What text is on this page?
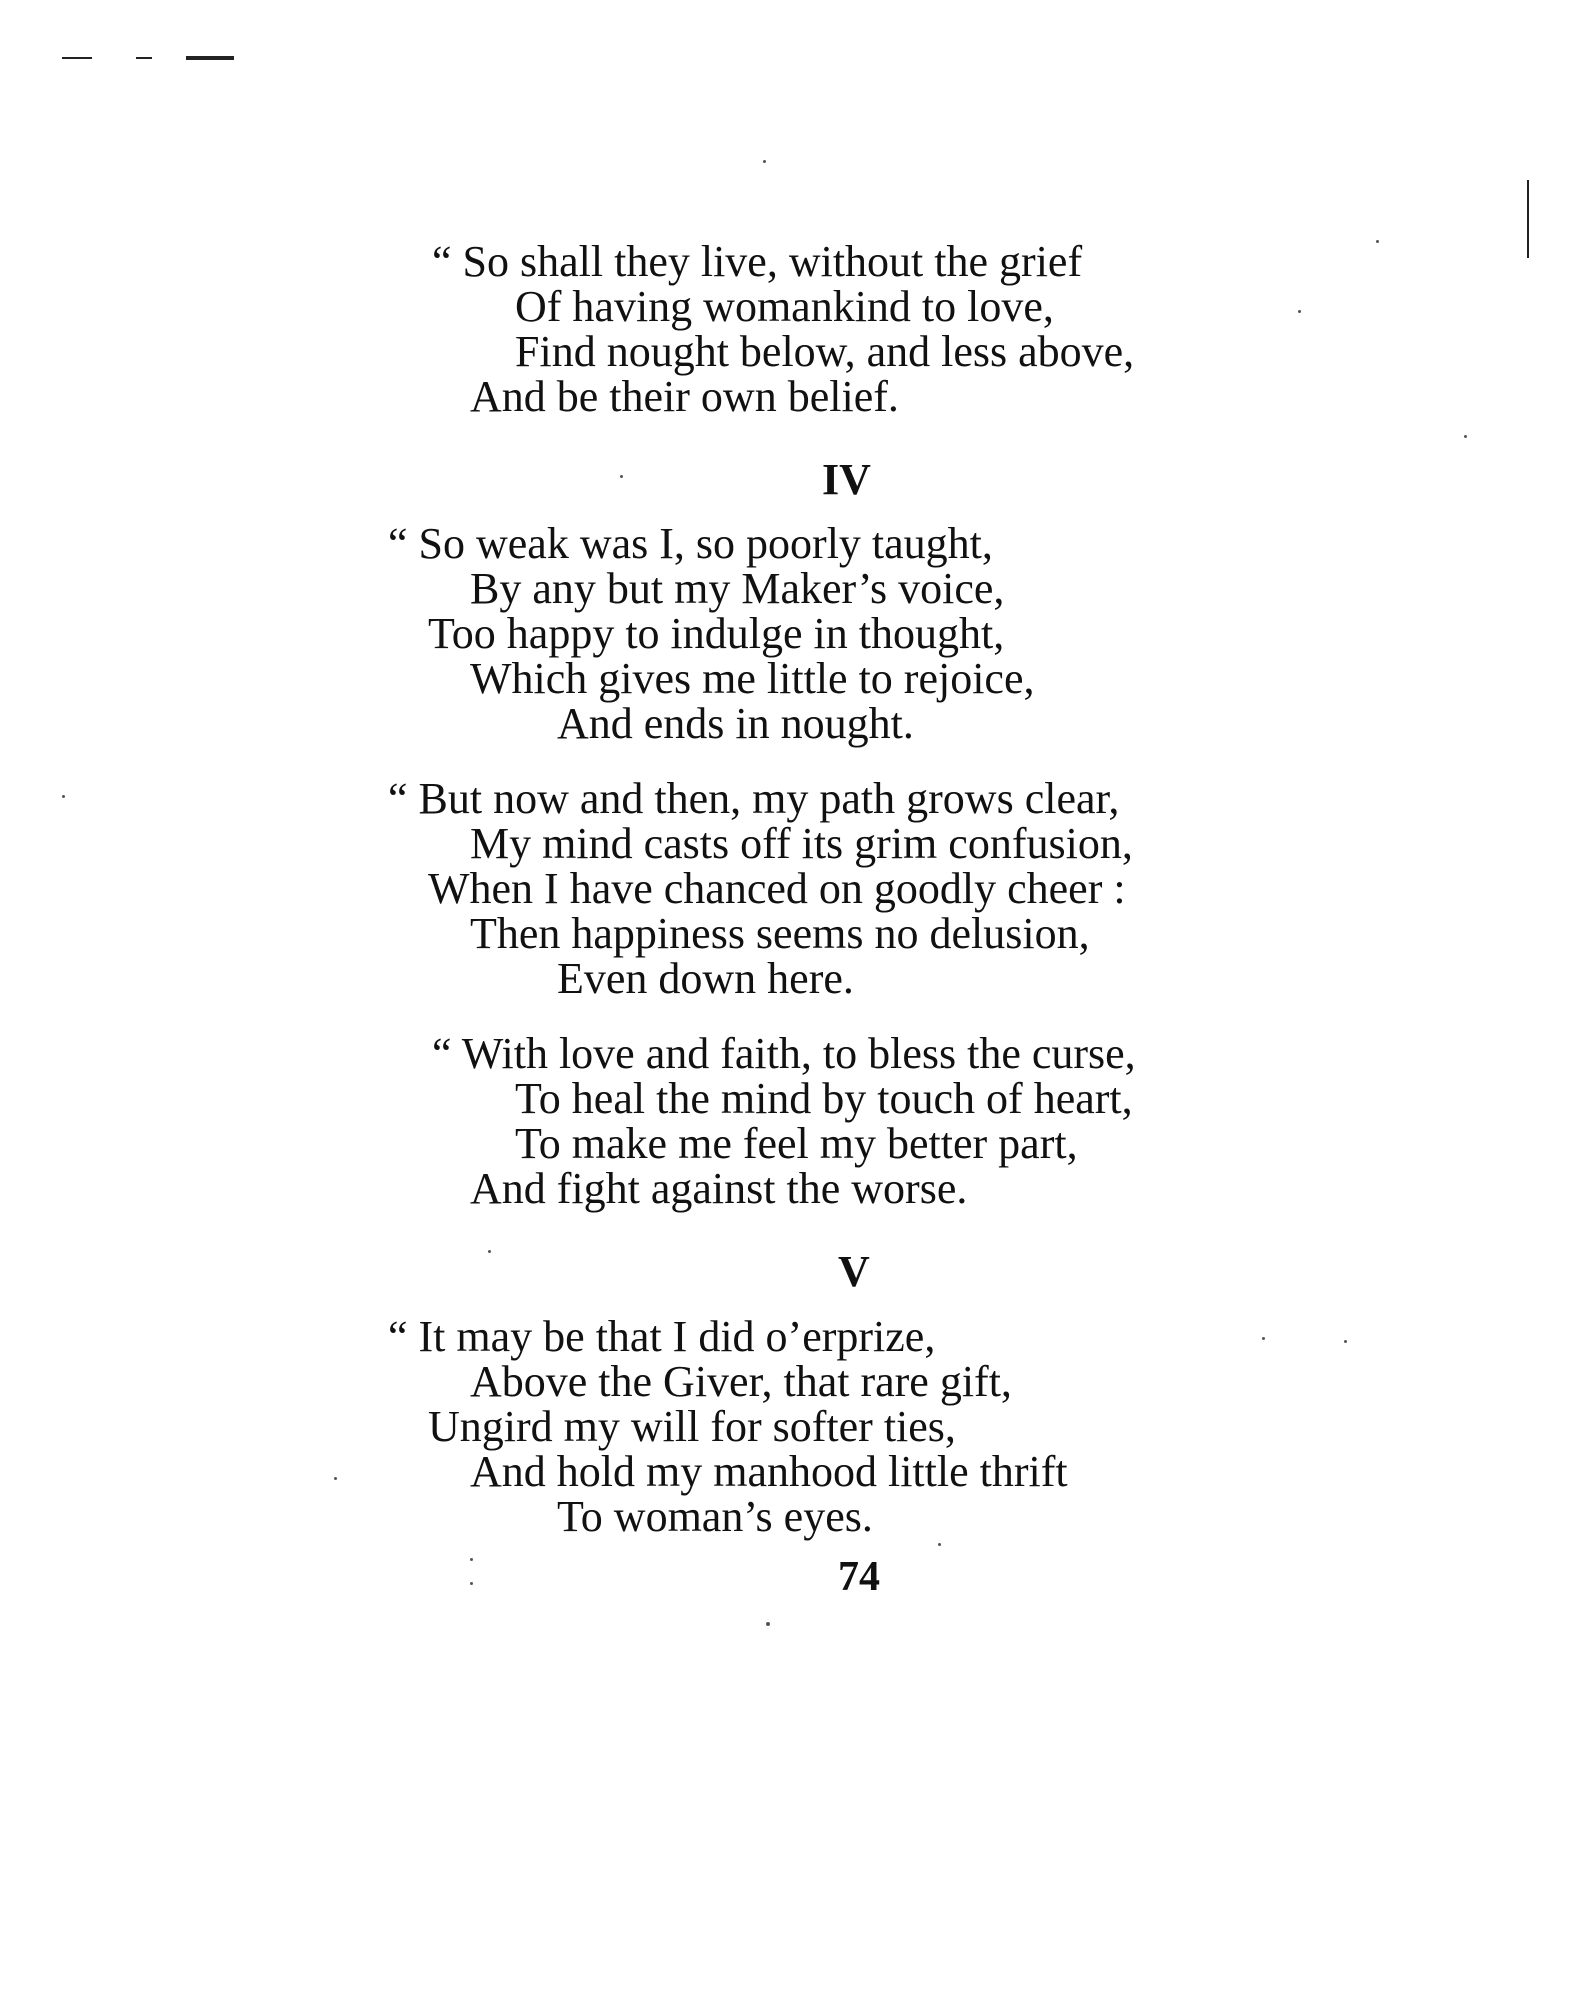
“ So shall they live, without the grief
Of having womankind to love,
Find nought below, and less above,
And be their own belief.
IV
“ So weak was I, so poorly taught,
By any but my Maker’s voice,
Too happy to indulge in thought,
Which gives me little to rejoice,
And ends in nought.
“ But now and then, my path grows clear,
My mind casts off its grim confusion,
When I have chanced on goodly cheer :
Then happiness seems no delusion,
Even down here.
“ With love and faith, to bless the curse,
To heal the mind by touch of heart,
To make me feel my better part,
And fight against the worse.
V
“ It may be that I did o’erprize,
Above the Giver, that rare gift,
Ungird my will for softer ties,
And hold my manhood little thrift
To woman’s eyes.
74
